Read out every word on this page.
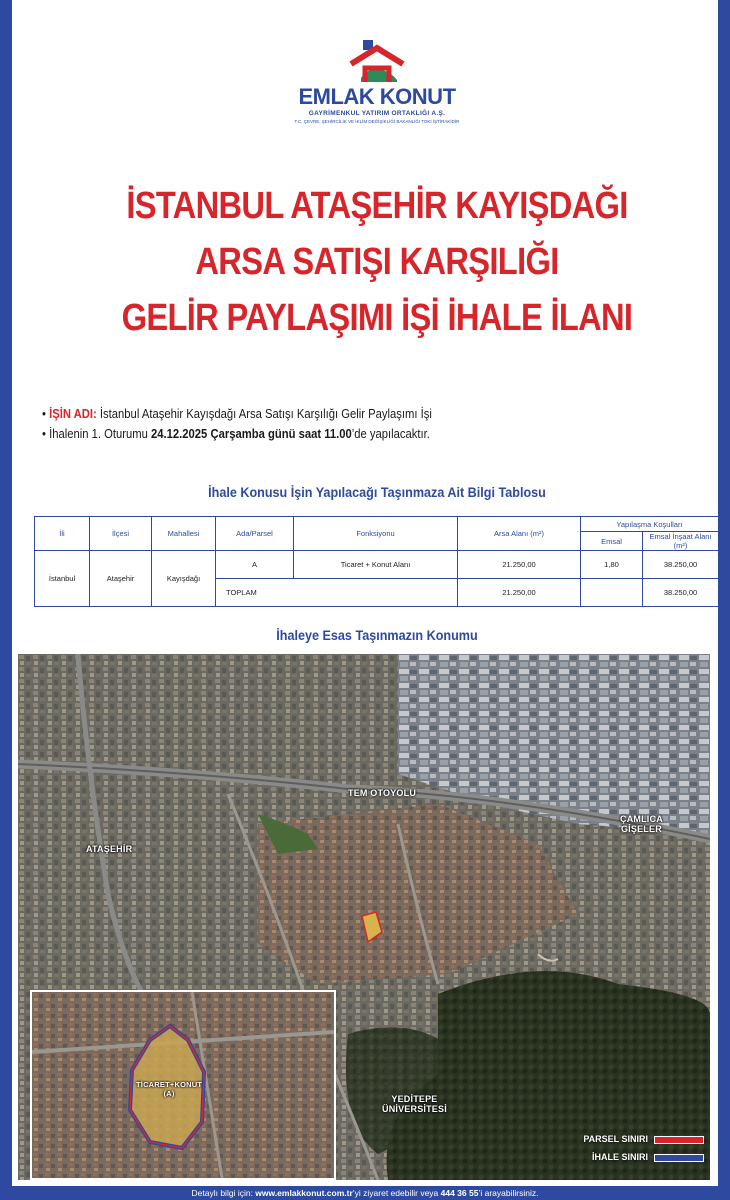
EMLAK KONUT
GAYRİMENKUL YATIRIM ORTAKLIĞI A.Ş.
T.C. ÇEVRE, ŞEHİRCİLİK VE İKLİM DEĞİŞİKLİĞİ BAKANLIĞI TOKİ İŞTİRAKİDİR
İSTANBUL ATAŞEHİR KAYIŞDAĞI
ARSA SATIŞI KARŞILIĞI
GELİR PAYLAŞIMI İŞİ İHALE İLANI
• İŞİN ADI: İstanbul Ataşehir Kayışdağı Arsa Satışı Karşılığı Gelir Paylaşımı İşi
• İhalenin 1. Oturumu 24.12.2025 Çarşamba günü saat 11.00’de yapılacaktır.
İhale Konusu İşin Yapılacağı Taşınmaza Ait Bilgi Tablosu
İli	İlçesi	Mahallesi	Ada/Parsel	Fonksiyonu	Arsa Alanı (m²)	Yapılaşma Koşulları	
						Emsal	Emsal İnşaat Alanı (m²)
İstanbul	Ataşehir	Kayışdağı	A	Ticaret + Konut Alanı	21.250,00	1,80	38.250,00
			TOPLAM		21.250,00		38.250,00
İhaleye Esas Taşınmazın Konumu
TEM OTOYOLU
ÇAMLICA
GİŞELER
ATAŞEHİR
YEDİTEPE
ÜNİVERSİTESİ
TİCARET+KONUT
(A)
PARSEL SINIRI
İHALE SINIRI
Detaylı bilgi için: www.emlakkonut.com.tr’yi ziyaret edebilir veya 444 36 55’i arayabilirsiniz.
